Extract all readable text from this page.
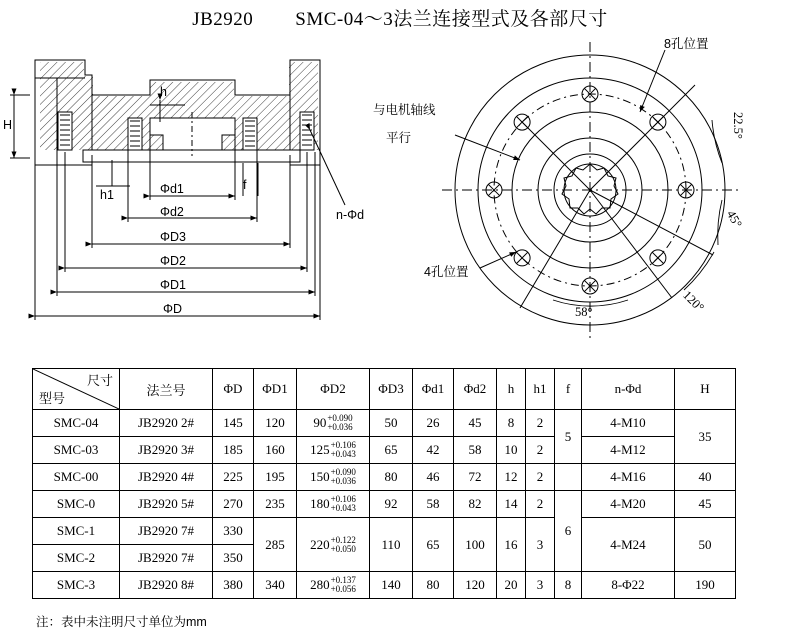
JB2920 SMC-04～3法兰连接型式及各部尺寸
H
h
h1
f
Φd1
Φd2
ΦD3
ΦD2
ΦD1
ΦD
n-Φd
8孔位置
与电机轴线
平行
4孔位置
22.5°
45°
120°
58°
尺寸
型号	法兰号	ΦD	ΦD1	ΦD2	ΦD3	Φd1	Φd2	h	h1	f	n-Φd	H
SMC-04	JB2920 2#	145	120	90 +0.090
+0.036	50	26	45	8	2	5	4-M10	35
SMC-03	JB2920 3#	185	160	125 +0.106
+0.043	65	42	58	10	2		4-M12	
SMC-00	JB2920 4#	225	195	150 +0.090
+0.036	80	46	72	12	2		4-M16	40
SMC-0	JB2920 5#	270	235	180 +0.106
+0.043	92	58	82	14	2	6	4-M20	45
SMC-1	JB2920 7#	330	285	220 +0.122
+0.050	110	65	100	16	3		4-M24	50
SMC-2	JB2920 7#	350										
SMC-3	JB2920 8#	380	340	280 +0.137
+0.056	140	80	120	20	3	8	8-Φ22	190
注：表中未注明尺寸单位为mm
